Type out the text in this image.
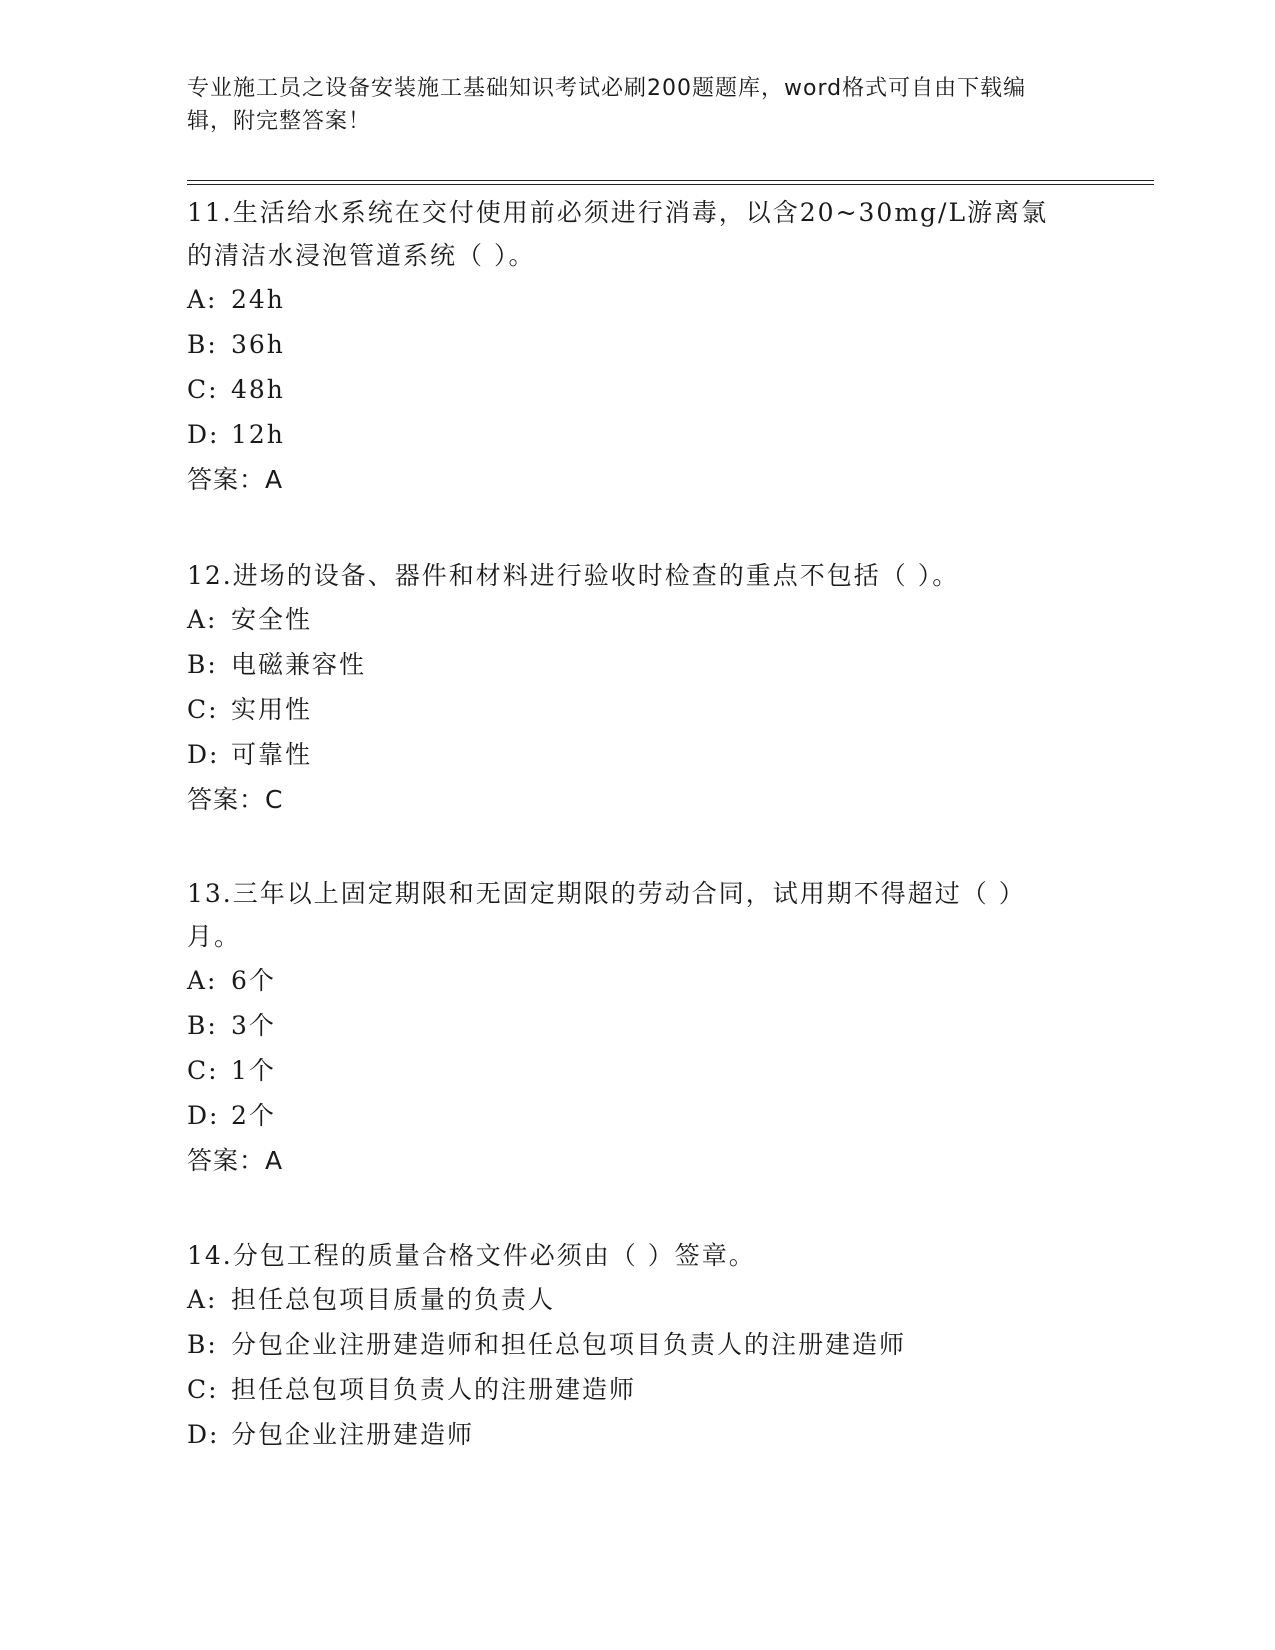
专业施工员之设备安装施工基础知识考试必刷200题题库，word格式可自由下载编辑，附完整答案！

11.生活给水系统在交付使用前必须进行消毒，以含20~30mg/L游离氯的清洁水浸泡管道系统（ ）。

A: 24h
B: 36h
C: 48h
D: 12h
答案：A

12.进场的设备、器件和材料进行验收时检查的重点不包括（ ）。

A: 安全性
B: 电磁兼容性
C: 实用性
D: 可靠性
答案：C

13.三年以上固定期限和无固定期限的劳动合同，试用期不得超过（ ）月。

A: 6个
B: 3个
C: 1个
D: 2个
答案：A

14.分包工程的质量合格文件必须由（ ）签章。

A: 担任总包项目质量的负责人
B: 分包企业注册建造师和担任总包项目负责人的注册建造师
C: 担任总包项目负责人的注册建造师
D: 分包企业注册建造师
